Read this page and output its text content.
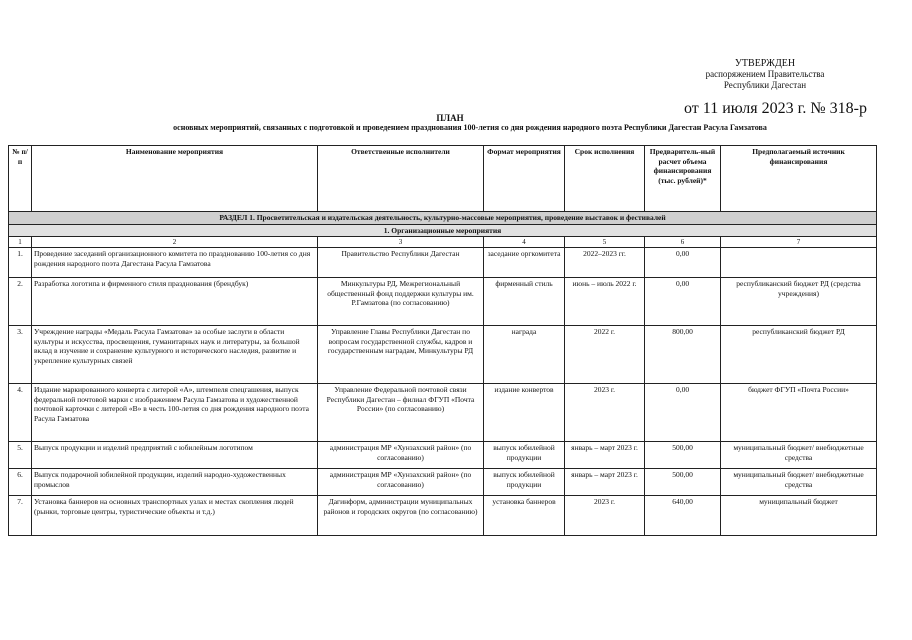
УТВЕРЖДЕН
распоряжением Правительства
Республики Дагестан
от 11 июля 2023 г. № 318-р
ПЛАН
основных мероприятий, связанных с подготовкой и проведением празднования 100-летия со дня рождения народного поэта Республики Дагестан Расула Гамзатова
№ п/п	Наименование мероприятия	Ответственные исполнители	Формат мероприятия	Срок исполнения	Предваритель-ный расчет объема финансирования (тыс. рублей)*	Предполагаемый источник финансирования
РАЗДЕЛ 1. Просветительская и издательская деятельность, культурно-массовые мероприятия, проведение выставок и фестивалей						
1. Организационные мероприятия						
1	2	3	4	5	6	7
1.	Проведение заседаний организационного комитета по празднованию 100-летия со дня рождения народного поэта Дагестана Расула Гамзатова	Правительство Республики Дагестан	заседание оргкомитета	2022–2023 гг.	0,00	
2.	Разработка логотипа и фирменного стиля празднования (брендбук)	Минкультуры РД, Межрегиональный общественный фонд поддержки культуры им. Р.Гамзатова (по согласованию)	фирменный стиль	июнь – июль 2022 г.	0,00	республиканский бюджет РД (средства учреждения)
3.	Учреждение награды «Медаль Расула Гамзатова» за особые заслуги в области культуры и искусства, просвещения, гуманитарных наук и литературы, за большой вклад в изучение и сохранение культурного и исторического наследия, развитие и укрепление культурных связей	Управление Главы Республики Дагестан по вопросам государственной службы, кадров и государственным наградам, Минкультуры РД	награда	2022 г.	800,00	республиканский бюджет РД
4.	Издание маркированного конверта с литерой «А», штемпеля спецгашения, выпуск федеральной почтовой марки с изображением Расула Гамзатова и художественной почтовой карточки с литерой «В» в честь 100-летия со дня рождения народного поэта Расула Гамзатова	Управление Федеральной почтовой связи Республики Дагестан – филиал ФГУП «Почта России» (по согласованию)	издание конвертов	2023 г.	0,00	бюджет ФГУП «Почта России»
5.	Выпуск продукции и изделий предприятий с юбилейным логотипом	администрация МР «Хунзахский район» (по согласованию)	выпуск юбилейной продукции	январь – март 2023 г.	500,00	муниципальный бюджет/ внебюджетные средства
6.	Выпуск подарочной юбилейной продукции, изделий народно-художественных промыслов	администрация МР «Хунзахский район» (по согласованию)	выпуск юбилейной продукции	январь – март 2023 г.	500,00	муниципальный бюджет/ внебюджетные средства
7.	Установка баннеров на основных транспортных узлах и местах скопления людей (рынки, торговые центры, туристические объекты и т.д.)	Дагинформ, администрации муниципальных районов и городских округов (по согласованию)	установка баннеров	2023 г.	640,00	муниципальный бюджет
